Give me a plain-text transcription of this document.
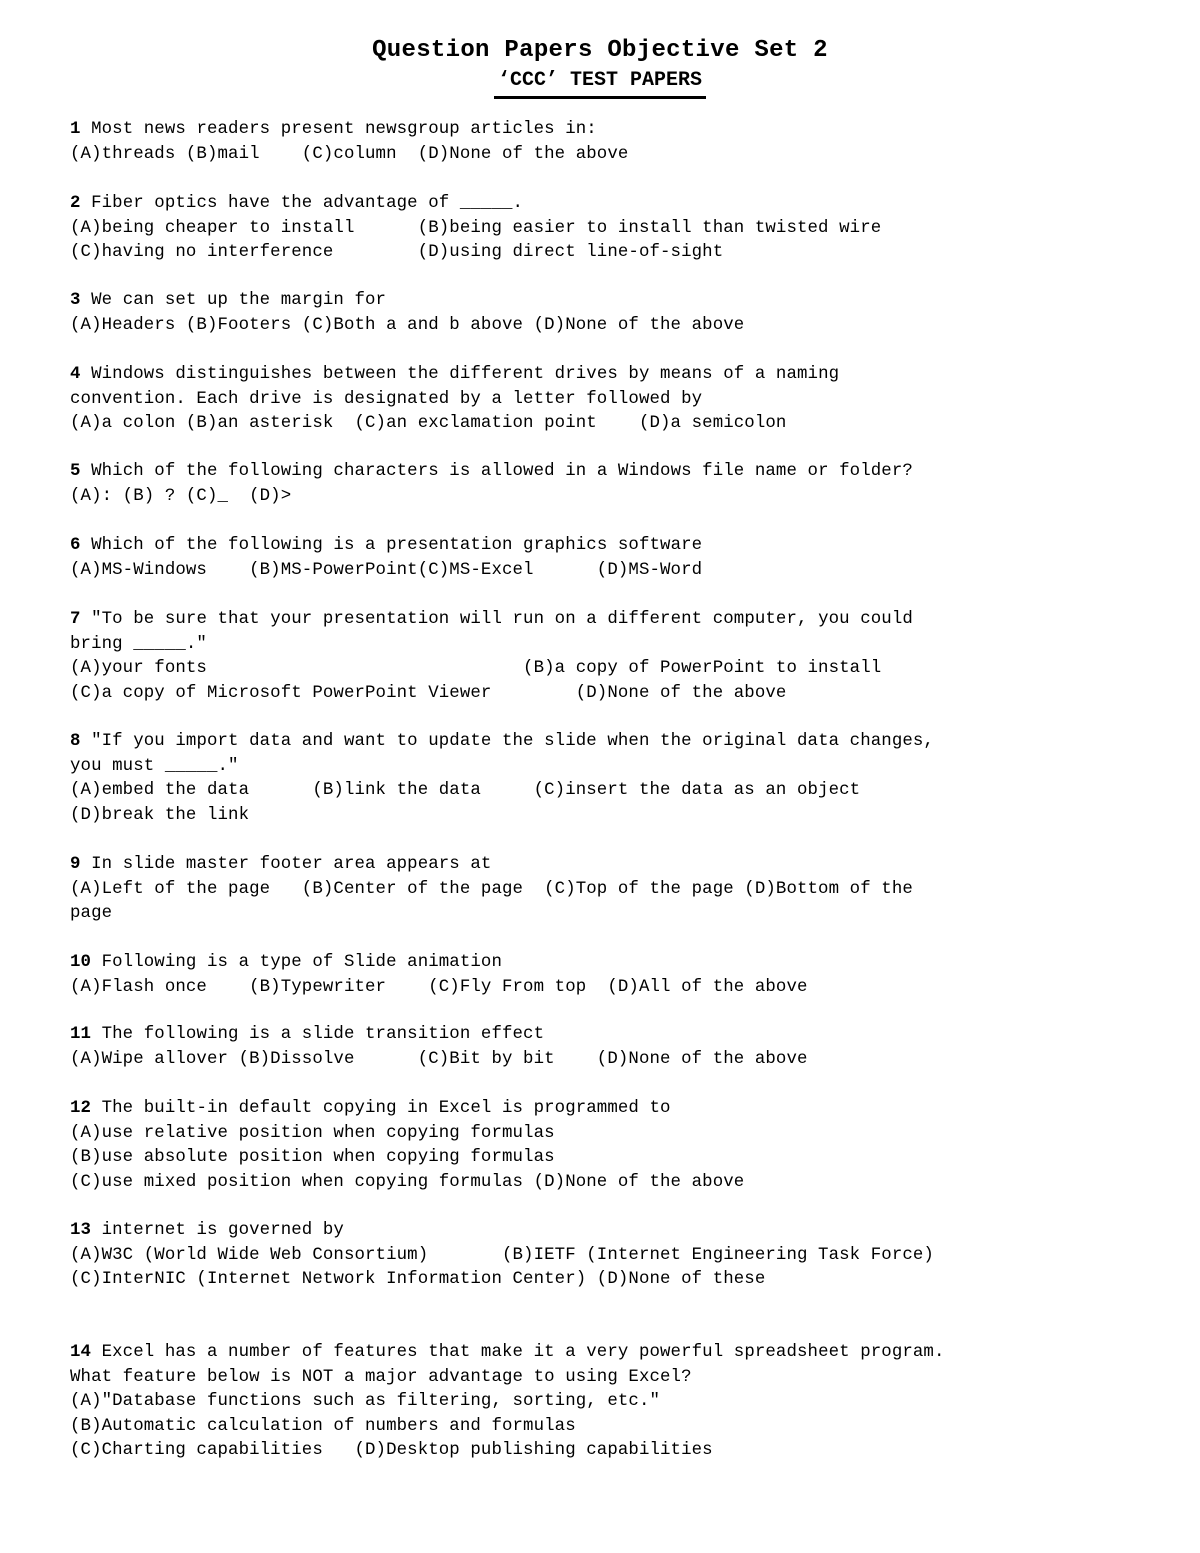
Question Papers Objective Set 2
‘CCC’ TEST PAPERS
1 Most news readers present newsgroup articles in:
(A)threads (B)mail    (C)column  (D)None of the above
2 Fiber optics have the advantage of _____.
(A)being cheaper to install      (B)being easier to install than twisted wire
(C)having no interference        (D)using direct line-of-sight
3 We can set up the margin for
(A)Headers (B)Footers (C)Both a and b above (D)None of the above
4 Windows distinguishes between the different drives by means of a naming
convention. Each drive is designated by a letter followed by
(A)a colon (B)an asterisk  (C)an exclamation point    (D)a semicolon
5 Which of the following characters is allowed in a Windows file name or folder?
(A): (B) ? (C)_  (D)>
6 Which of the following is a presentation graphics software
(A)MS-Windows    (B)MS-PowerPoint(C)MS-Excel      (D)MS-Word
7 "To be sure that your presentation will run on a different computer, you could
bring _____."
(A)your fonts                              (B)a copy of PowerPoint to install
(C)a copy of Microsoft PowerPoint Viewer        (D)None of the above
8 "If you import data and want to update the slide when the original data changes,
you must _____."
(A)embed the data      (B)link the data     (C)insert the data as an object
(D)break the link
9 In slide master footer area appears at
(A)Left of the page   (B)Center of the page  (C)Top of the page (D)Bottom of the
page
10 Following is a type of Slide animation
(A)Flash once    (B)Typewriter    (C)Fly From top  (D)All of the above
11 The following is a slide transition effect
(A)Wipe allover (B)Dissolve      (C)Bit by bit    (D)None of the above
12 The built-in default copying in Excel is programmed to
(A)use relative position when copying formulas
(B)use absolute position when copying formulas
(C)use mixed position when copying formulas (D)None of the above
13 internet is governed by
(A)W3C (World Wide Web Consortium)       (B)IETF (Internet Engineering Task Force)
(C)InterNIC (Internet Network Information Center) (D)None of these
14 Excel has a number of features that make it a very powerful spreadsheet program.
What feature below is NOT a major advantage to using Excel?
(A)"Database functions such as filtering, sorting, etc."
(B)Automatic calculation of numbers and formulas
(C)Charting capabilities   (D)Desktop publishing capabilities
